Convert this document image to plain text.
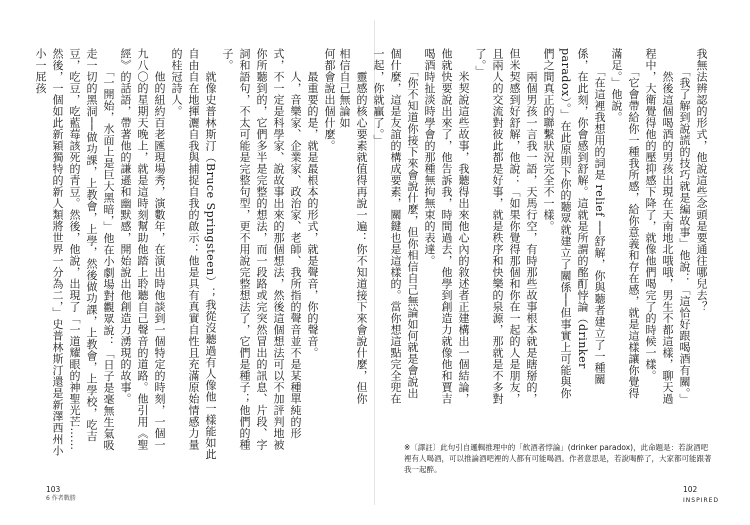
何都會說出個什麼。
　　最重要的是，就是最根本的形式，就是聲音，你的聲音。
　　人，音樂家、企業家、政治家、老師、我所指的聲音並不是某種單純的形式，不一定是科學家、說故事出來的那個想法，然後這個想法可以不加評判地被你所聽到的，它們多半是完整的想法，而一段路或完突然冒出的訊息、片段、字詞和語句，不太可能是完整句型，更不用說完整想法了，它們是種子；他們的種子。
　　就像史普林斯汀（Bruce Springsteen）；我從沒聽過有人像他一樣能如此自由自在地揮灑自我與捕捉自我的啟示：他是具有真實自性且充滿原始情感力量的桂冠詩人。
　　他的紐約百老匯現場秀，演數年，在演出時他談到一個特定的時刻，一個一九八〇的星期天晚上，就是這時刻幫助他踏上聆聽自己聲音的道路。他引用《聖經》的話語，帶著他的謙遜和幽默感，開始說出他創造力湧現的故事。
　　「一開始，水面上是巨大黑暗，」他在小劇場對觀眾說：「日子是毫無生氣吸走一切的黑洞──做功課，上教會，上學，然後做功課，上教會，上學校，吃吉豆，吃豆，吃藍莓該死的青豆。然後，他說，出現了「一道耀眼的神聖光芒……然後，一個如此新穎獨特的新人類將世界一分為二，」史普林斯汀還是新澤西州小小一屁孩	我無法辨認的形式，他說這些念頭是要通往哪兒去？
　　「我了解到說謊的技巧就是編故事」他說：「這恰好跟喝酒有關。」
　　然後這個喝酒的男孩出現在天南地北哦哦，男生不都這樣，聊天過程中，大衛覺得他的壓抑感下降了，就像他們喝完了的時候一樣。
　　「它會帶給你一種我所感，給你意義和存在感，就是這樣讓你覺得滿足。」他說。
　　「在這裡我想用的詞是 relief ──舒解，你與聽者建立了一種關係，在此刻，你會感到舒解。這就是所謂的酩酊悖論（drinker paradox）。」在此原則下你的聽眾就建立了關係──但事實上可能與你們之間真正的聯繫狀況完全不一樣。
　　兩個男孩一言我一語，天馬行空，有時那些故事根本就是瞎掰的，但米契感到好舒解，他說：「如果你覺得那個和你在一起的人是朋友，且兩人的交流對彼此都是好事，就是秩序和快樂的泉源，那就是不多對了。」
　　米契說這些故事，我聽得出來他心內的敘述者正建構出一個結論，他就快要說出來了，他告訴我，時間過去，他學到創造力就像他和賈吉喝酒時扯淡時學會的那種無拘無束的表達。
　　「你不知道你接下來會說什麼，但你相信自己無論如何就是會說出個什麼，這是友誼的構成要素，關鍵也是這樣的。當你想這點完全兜在一起，你就贏了。」
　　靈感的核心要素就值得再說一遍：你不知道接下來會說什麼，但你相信自己無論如
※〔譯註〕此句引自邏輯推理中的「飲酒者悖論」(drinker paradox)，此命題是：若說酒吧裡有人喝酒，可以推論酒吧裡的人都有可能喝酒。作者意思是，若說喝醉了，大家都可能跟著我一起醉。
103
6 作者戰勝
102
INSPIRED
